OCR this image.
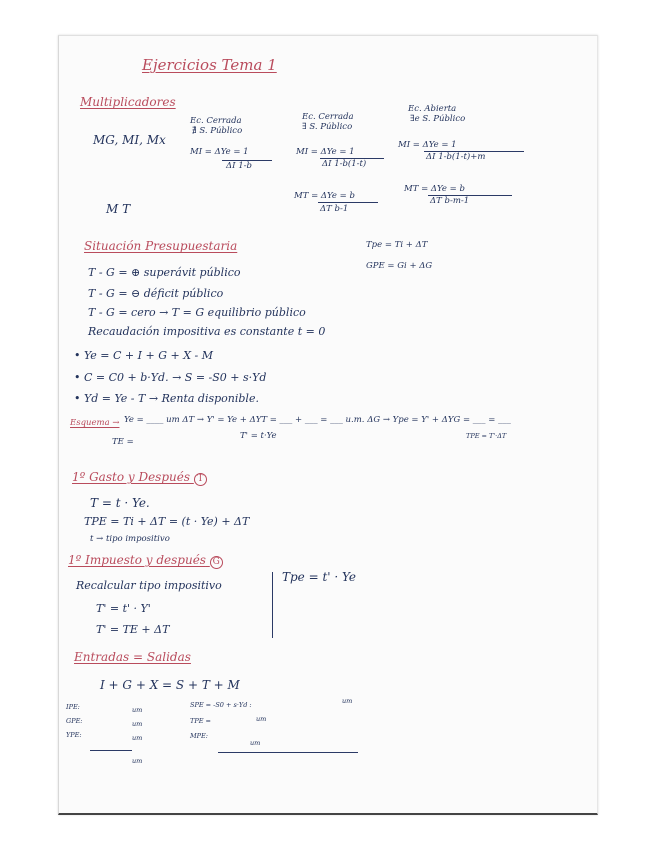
Ejercicios Tema 1
Multiplicadores
MG, MI, Mx
M T
Ec. Cerrada
∄ S. Público
MI = ΔYe = 1
ΔI 1-b
Ec. Cerrada
∃ S. Público
MI = ΔYe = 1
ΔI 1-b(1-t)
MT = ΔYe = b
ΔT b-1
Ec. Abierta
∃e S. Público
MI = ΔYe = 1
ΔI 1-b(1-t)+m
MT = ΔYe = b
ΔT b-m-1
Situación Presupuestaria	Tpe = Ti + ΔT
GPE = Gi + ΔG
T - G = ⊕ superávit público
T - G = ⊖ déficit público
T - G = cero → T = G equilibrio público
Recaudación impositiva es constante t = 0
• Ye = C + I + G + X - M
• C = C0 + b·Yd. → S = -S0 + s·Yd
• Yd = Ye - T → Renta disponible.
Esquema → Ye = ____ um ΔT → Y' = Ye + ΔYT = ___ + ___ = ___ u.m. ΔG → Ype = Y' + ΔYG = ___ = ___
TE =
T' = t·Ye	TPE = T'·ΔT
1º Gasto y Después T
T = t · Ye.
TPE = Ti + ΔT = (t · Ye) + ΔT
t → tipo impositivo
1º Impuesto y después G
Recalcular tipo impositivo
T' = t' · Y'
T' = TE + ΔT
Tpe = t' · Ye
Entradas = Salidas
I + G + X = S + T + M
IPE:
GPE:
YPE:
um
um
um
um
SPE = -S0 + s·Yd :
TPE =
MPE:
um
um
um
